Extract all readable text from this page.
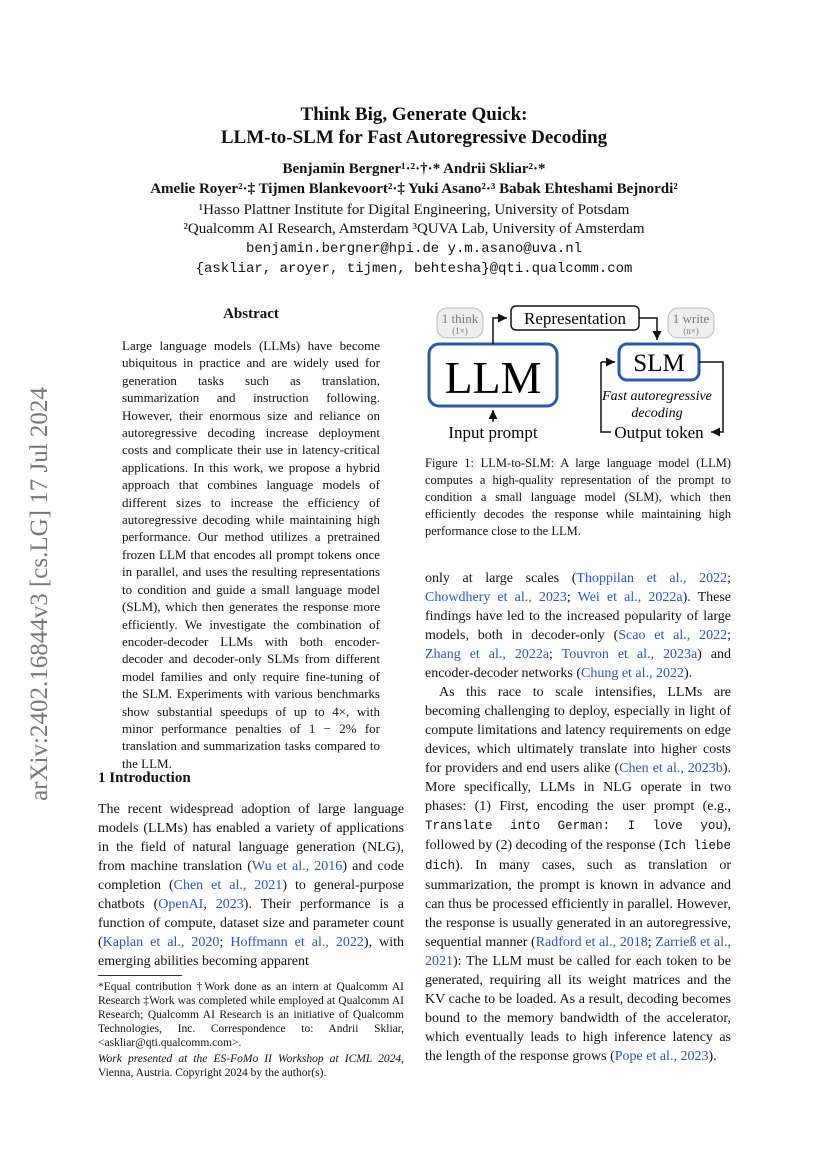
Think Big, Generate Quick:
LLM-to-SLM for Fast Autoregressive Decoding
Benjamin Bergner¹·²·†·* Andrii Skliar²·*
Amelie Royer²·‡ Tijmen Blankevoort²·‡ Yuki Asano²·³ Babak Ehteshami Bejnordi²
¹Hasso Plattner Institute for Digital Engineering, University of Potsdam
²Qualcomm AI Research, Amsterdam ³QUVA Lab, University of Amsterdam
benjamin.bergner@hpi.de y.m.asano@uva.nl
{askliar, aroyer, tijmen, behtesha}@qti.qualcomm.com
arXiv:2402.16844v3 [cs.LG] 17 Jul 2024
Abstract
Large language models (LLMs) have become ubiquitous in practice and are widely used for generation tasks such as translation, summarization and instruction following. However, their enormous size and reliance on autoregressive decoding increase deployment costs and complicate their use in latency-critical applications. In this work, we propose a hybrid approach that combines language models of different sizes to increase the efficiency of autoregressive decoding while maintaining high performance. Our method utilizes a pretrained frozen LLM that encodes all prompt tokens once in parallel, and uses the resulting representations to condition and guide a small language model (SLM), which then generates the response more efficiently. We investigate the combination of encoder-decoder LLMs with both encoder-decoder and decoder-only SLMs from different model families and only require fine-tuning of the SLM. Experiments with various benchmarks show substantial speedups of up to 4×, with minor performance penalties of 1 − 2% for translation and summarization tasks compared to the LLM.
1 think
(1×)
Representation	1 write
(n×)
LLM	SLM
Fast autoregressive
decoding
Input prompt	Output token
Figure 1: LLM-to-SLM: A large language model (LLM) computes a high-quality representation of the prompt to condition a small language model (SLM), which then efficiently decodes the response while maintaining high performance close to the LLM.
1 Introduction
The recent widespread adoption of large language models (LLMs) has enabled a variety of applications in the field of natural language generation (NLG), from machine translation (Wu et al., 2016) and code completion (Chen et al., 2021) to general-purpose chatbots (OpenAI, 2023). Their performance is a function of compute, dataset size and parameter count (Kaplan et al., 2020; Hoffmann et al., 2022), with emerging abilities becoming apparent
*Equal contribution †Work done as an intern at Qualcomm AI Research ‡Work was completed while employed at Qualcomm AI Research; Qualcomm AI Research is an initiative of Qualcomm Technologies, Inc. Correspondence to: Andrii Skliar, <askliar@qti.qualcomm.com>.
Work presented at the ES-FoMo II Workshop at ICML 2024, Vienna, Austria. Copyright 2024 by the author(s).
only at large scales (Thoppilan et al., 2022; Chowdhery et al., 2023; Wei et al., 2022a). These findings have led to the increased popularity of large models, both in decoder-only (Scao et al., 2022; Zhang et al., 2022a; Touvron et al., 2023a) and encoder-decoder networks (Chung et al., 2022).
As this race to scale intensifies, LLMs are becoming challenging to deploy, especially in light of compute limitations and latency requirements on edge devices, which ultimately translate into higher costs for providers and end users alike (Chen et al., 2023b). More specifically, LLMs in NLG operate in two phases: (1) First, encoding the user prompt (e.g., Translate into German: I love you), followed by (2) decoding of the response (Ich liebe dich). In many cases, such as translation or summarization, the prompt is known in advance and can thus be processed efficiently in parallel. However, the response is usually generated in an autoregressive, sequential manner (Radford et al., 2018; Zarrieß et al., 2021): The LLM must be called for each token to be generated, requiring all its weight matrices and the KV cache to be loaded. As a result, decoding becomes bound to the memory bandwidth of the accelerator, which eventually leads to high inference latency as the length of the response grows (Pope et al., 2023).
